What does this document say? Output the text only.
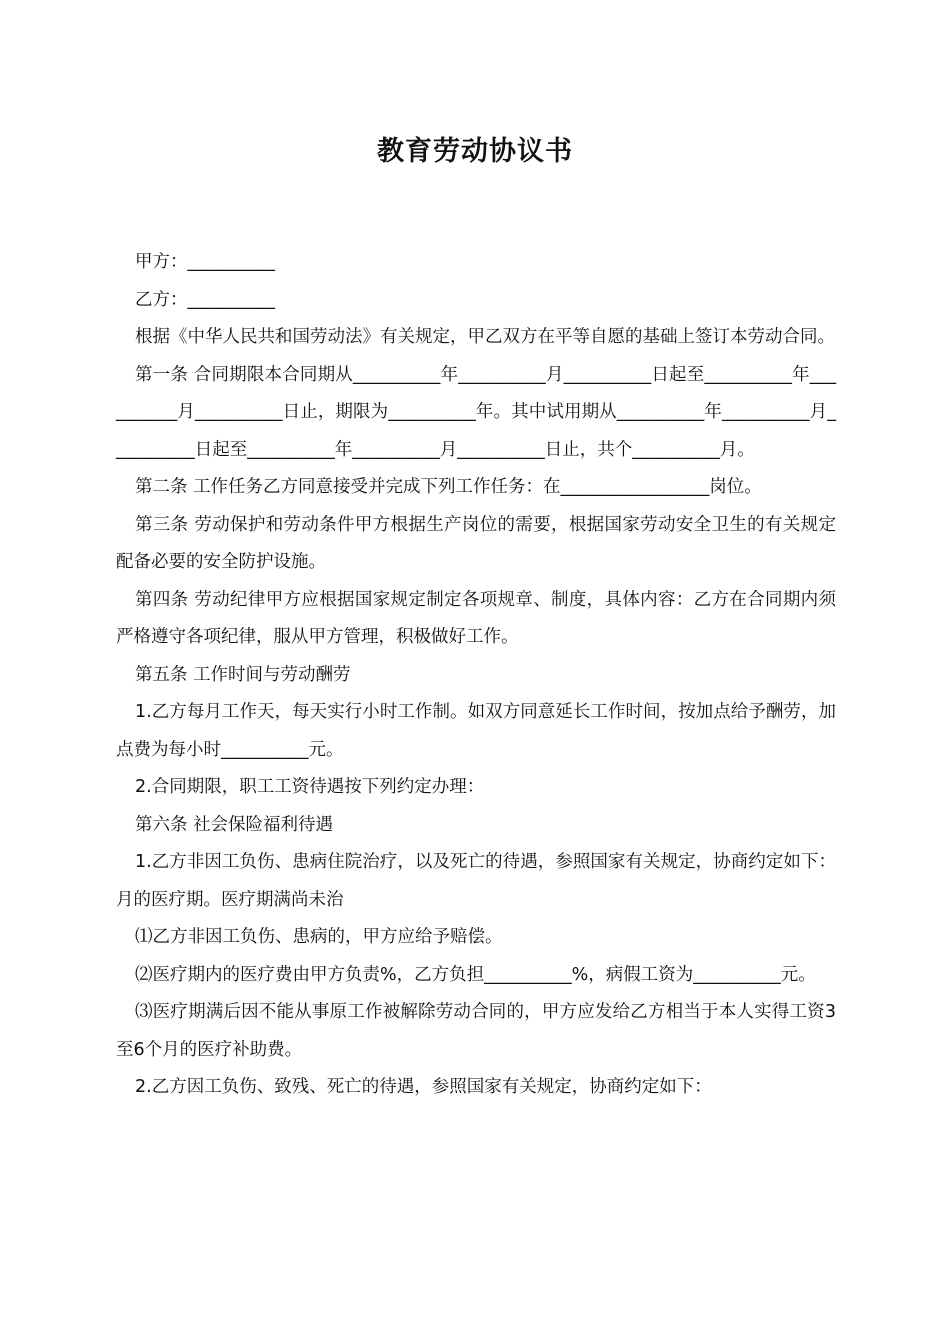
教育劳动协议书

甲方：__________

乙方：__________

根据《中华人民共和国劳动法》有关规定，甲乙双方在平等自愿的基础上签订本劳动合同。

第一条 合同期限本合同期从__________年__________月__________日起至__________年__________月__________日止，期限为__________年。其中试用期从__________年__________月__________日起至__________年__________月__________日止，共个__________月。

第二条 工作任务乙方同意接受并完成下列工作任务：在_________________岗位。

第三条 劳动保护和劳动条件甲方根据生产岗位的需要，根据国家劳动安全卫生的有关规定配备必要的安全防护设施。

第四条 劳动纪律甲方应根据国家规定制定各项规章、制度，具体内容：乙方在合同期内须严格遵守各项纪律，服从甲方管理，积极做好工作。

第五条 工作时间与劳动酬劳

1.乙方每月工作天，每天实行小时工作制。如双方同意延长工作时间，按加点给予酬劳，加点费为每小时__________元。

2.合同期限，职工工资待遇按下列约定办理：

第六条 社会保险福利待遇

1.乙方非因工负伤、患病住院治疗，以及死亡的待遇，参照国家有关规定，协商约定如下：月的医疗期。医疗期满尚未治

⑴乙方非因工负伤、患病的，甲方应给予赔偿。

⑵医疗期内的医疗费由甲方负责%，乙方负担__________%，病假工资为__________元。

⑶医疗期满后因不能从事原工作被解除劳动合同的，甲方应发给乙方相当于本人实得工资3至6个月的医疗补助费。

2.乙方因工负伤、致残、死亡的待遇，参照国家有关规定，协商约定如下：
